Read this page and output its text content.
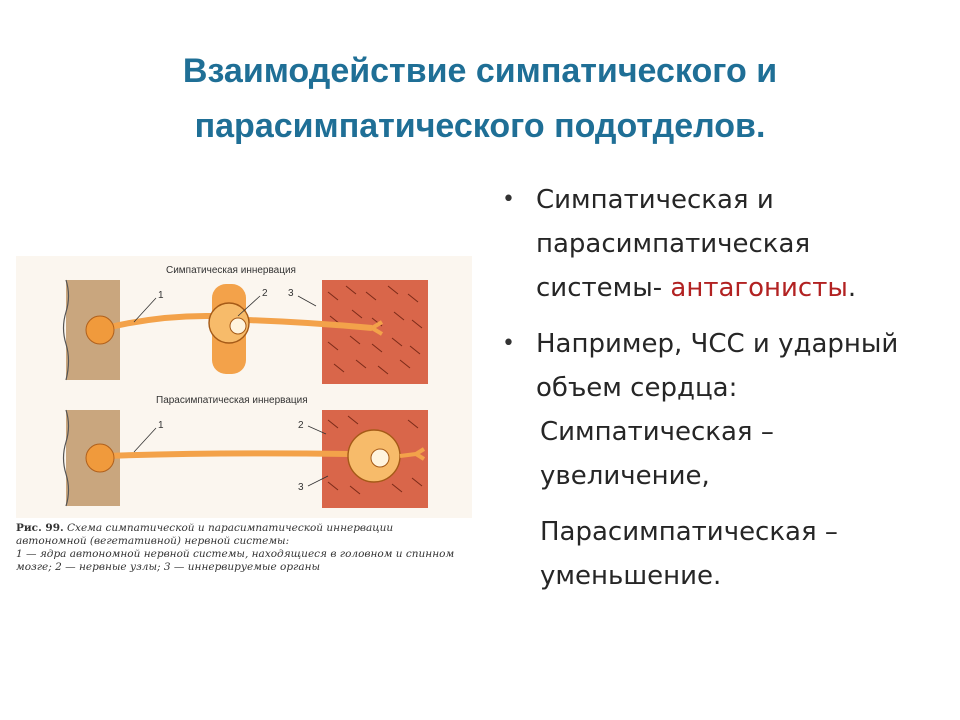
Взаимодействие симпатического и
парасимпатического подотделов.
Симпатическая иннервация
1	2 3
Парасимпатическая иннервация
1	2
3
Рис. 99. Схема симпатической и парасимпатической иннервации автономной (вегетативной) нервной системы:
1 — ядра автономной нервной системы, находящиеся в головном и спинном мозге; 2 — нервные узлы; 3 — иннервируемые органы
• Симпатическая и парасимпатическая системы- антагонисты.
• Например, ЧСС и ударный объем сердца:
Симпатическая – увеличение,
Парасимпатическая – уменьшение.
